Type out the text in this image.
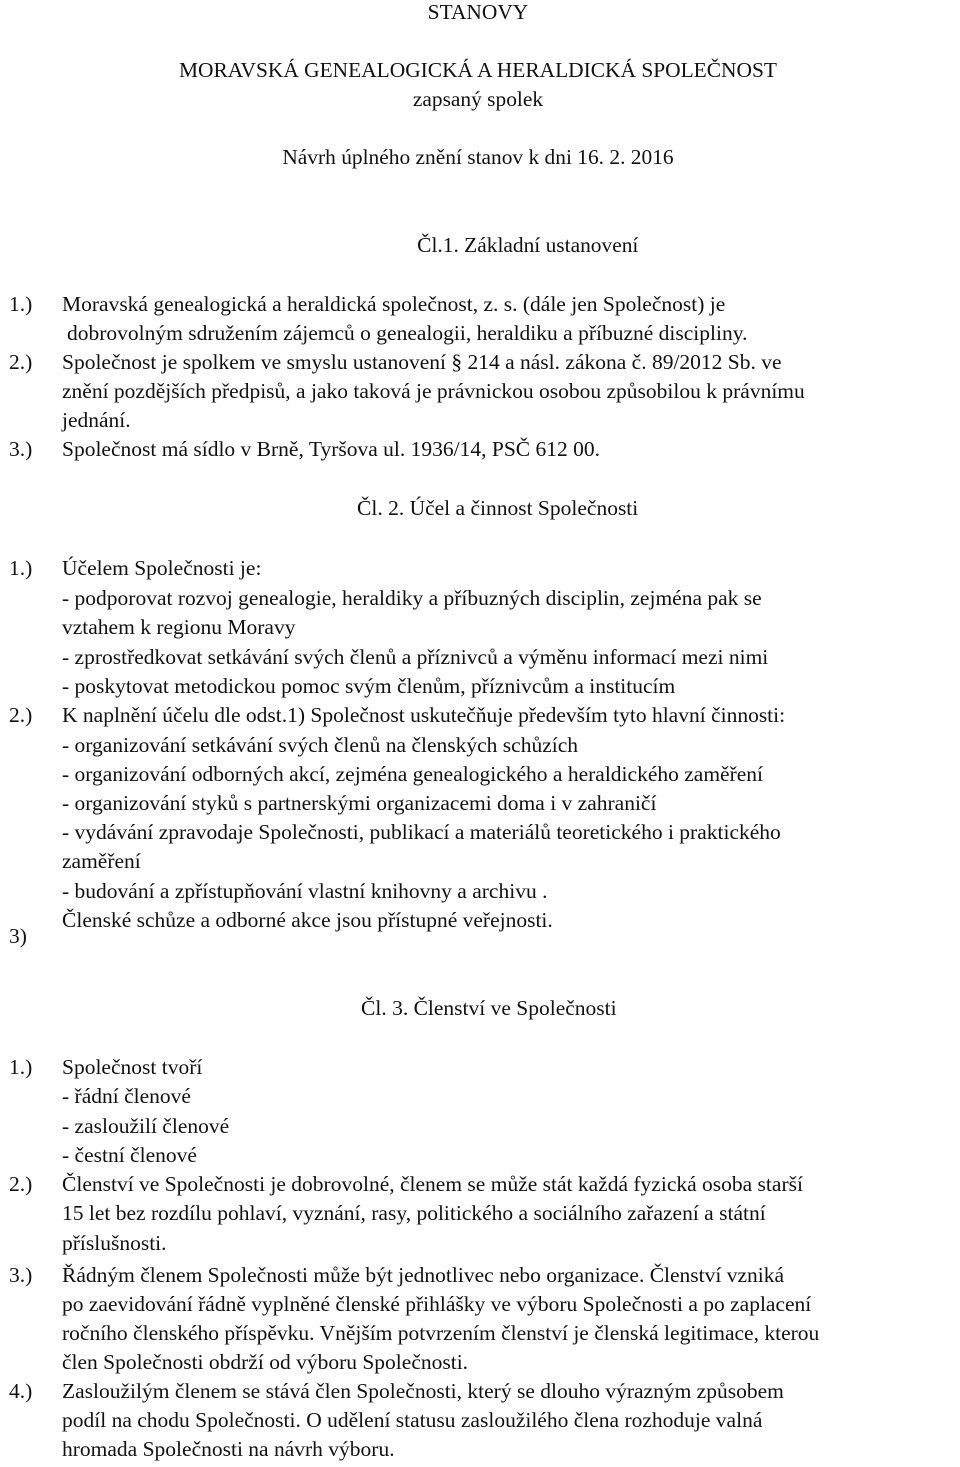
STANOVY
MORAVSKÁ GENEALOGICKÁ A HERALDICKÁ SPOLEČNOST
zapsaný spolek
Návrh úplného znění stanov k dni 16. 2. 2016
Čl.1. Základní ustanovení
1.) Moravská genealogická a heraldická společnost, z. s. (dále jen Společnost) je
dobrovolným sdružením zájemců o genealogii, heraldiku a příbuzné discipliny.
2.) Společnost je spolkem ve smyslu ustanovení § 214 a násl. zákona č. 89/2012 Sb. ve
znění pozdějších předpisů, a jako taková je právnickou osobou způsobilou k právnímu
jednání.
3.) Společnost má sídlo v Brně, Tyršova ul. 1936/14, PSČ 612 00.
Čl. 2. Účel a činnost Společnosti
1.) Účelem Společnosti je:
- podporovat rozvoj genealogie, heraldiky a příbuzných disciplin, zejména pak se
vztahem k regionu Moravy
- zprostředkovat setkávání svých členů a příznivců a výměnu informací mezi nimi
- poskytovat metodickou pomoc svým členům, příznivcům a institucím
2.) K naplnění účelu dle odst.1) Společnost uskutečňuje především tyto hlavní činnosti:
- organizování setkávání svých členů na členských schůzích
- organizování odborných akcí, zejména genealogického a heraldického zaměření
- organizování styků s partnerskými organizacemi doma i v zahraničí
- vydávání zpravodaje Společnosti, publikací a materiálů teoretického i praktického
zaměření
- budování a zpřístupňování vlastní knihovny a archivu .
3)
Členské schůze a odborné akce jsou přístupné veřejnosti.
Čl. 3. Členství ve Společnosti
1.) Společnost tvoří
- řádní členové
- zasloužilí členové
- čestní členové
2.) Členství ve Společnosti je dobrovolné, členem se může stát každá fyzická osoba starší
15 let bez rozdílu pohlaví, vyznání, rasy, politického a sociálního zařazení a státní
příslušnosti.
3.) Řádným členem Společnosti může být jednotlivec nebo organizace. Členství vzniká
po zaevidování řádně vyplněné členské přihlášky ve výboru Společnosti a po zaplacení
ročního členského příspěvku. Vnějším potvrzením členství je členská legitimace, kterou
člen Společnosti obdrží od výboru Společnosti.
4.) Zasloužilým členem se stává člen Společnosti, který se dlouho výrazným způsobem
podíl na chodu Společnosti. O udělení statusu zasloužilého člena rozhoduje valná
hromada Společnosti na návrh výboru.
